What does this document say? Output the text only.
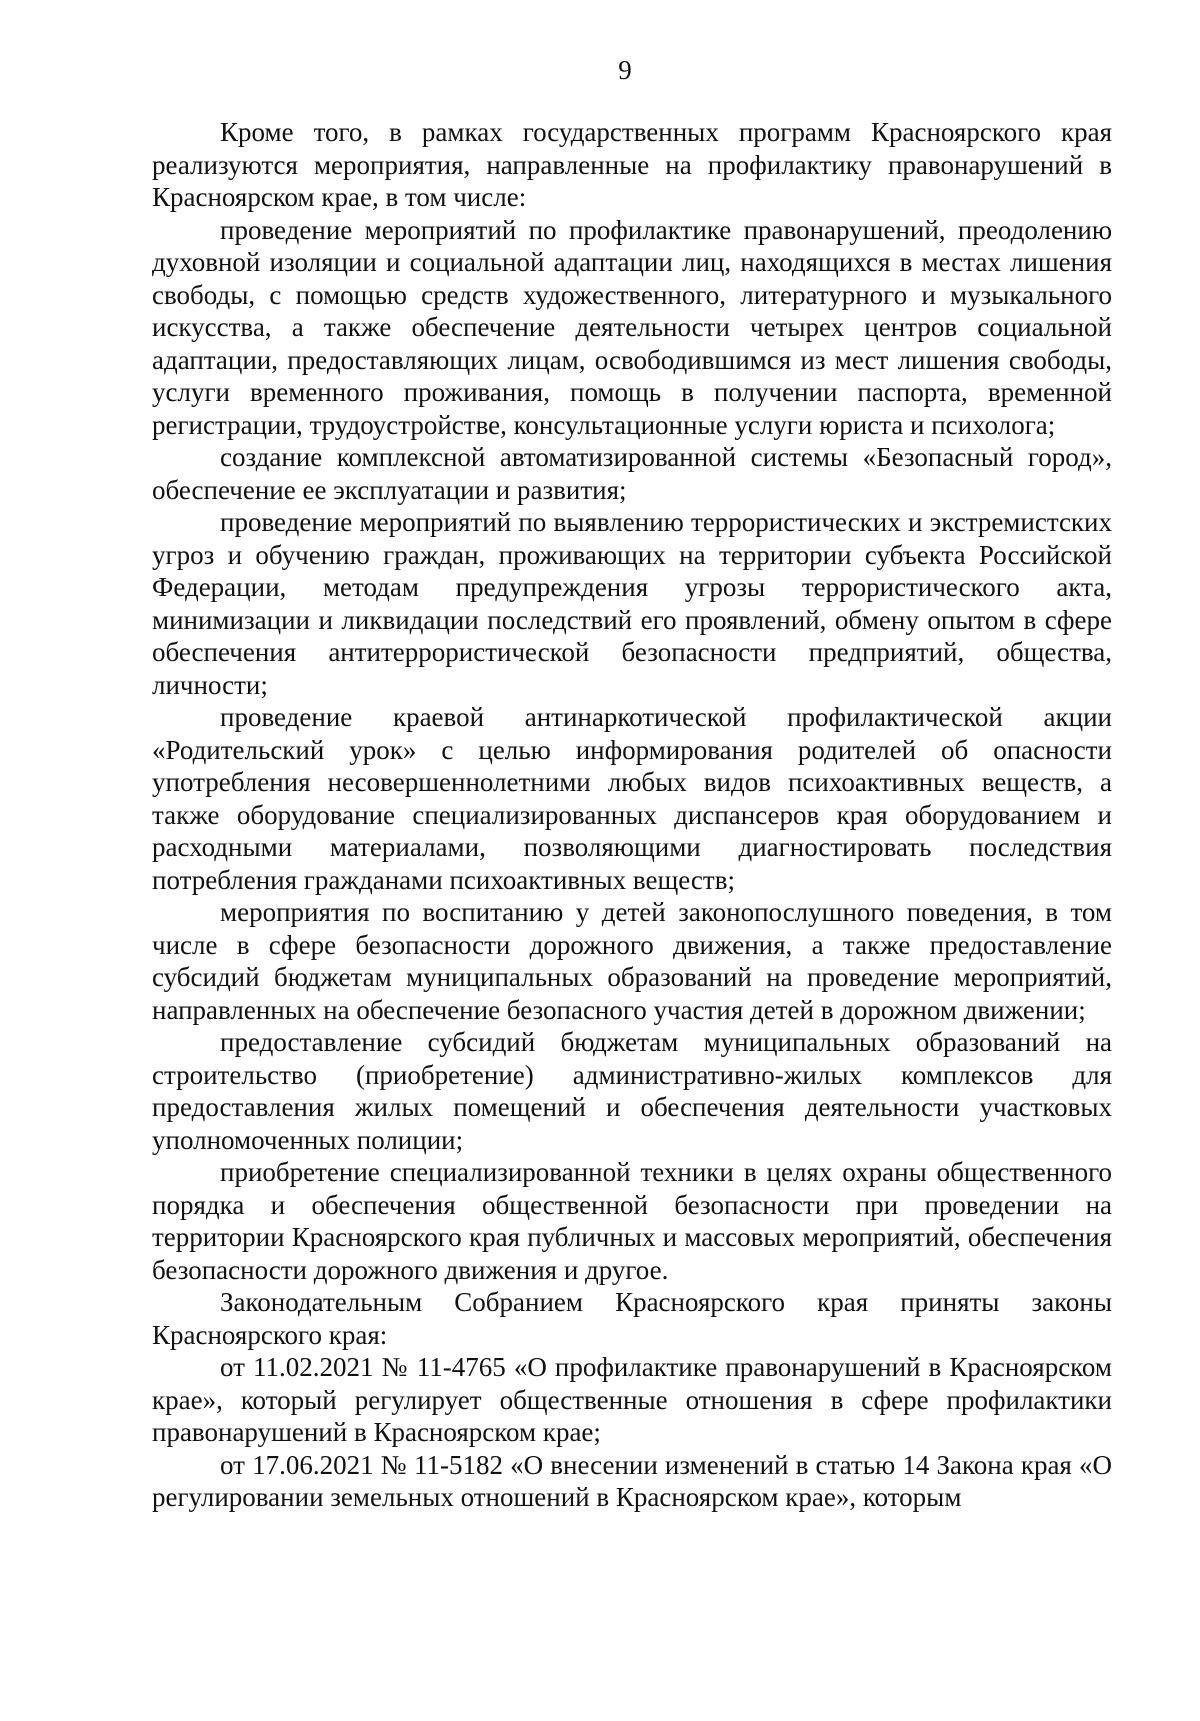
9

Кроме того, в рамках государственных программ Красноярского края реализуются мероприятия, направленные на профилактику правонарушений в Красноярском крае, в том числе:

проведение мероприятий по профилактике правонарушений, преодолению духовной изоляции и социальной адаптации лиц, находящихся в местах лишения свободы, с помощью средств художественного, литературного и музыкального искусства, а также обеспечение деятельности четырех центров социальной адаптации, предоставляющих лицам, освободившимся из мест лишения свободы, услуги временного проживания, помощь в получении паспорта, временной регистрации, трудоустройстве, консультационные услуги юриста и психолога;

создание комплексной автоматизированной системы «Безопасный город», обеспечение ее эксплуатации и развития;

проведение мероприятий по выявлению террористических и экстремистских угроз и обучению граждан, проживающих на территории субъекта Российской Федерации, методам предупреждения угрозы террористического акта, минимизации и ликвидации последствий его проявлений, обмену опытом в сфере обеспечения антитеррористической безопасности предприятий, общества, личности;

проведение краевой антинаркотической профилактической акции «Родительский урок» с целью информирования родителей об опасности употребления несовершеннолетними любых видов психоактивных веществ, а также оборудование специализированных диспансеров края оборудованием и расходными материалами, позволяющими диагностировать последствия потребления гражданами психоактивных веществ;

мероприятия по воспитанию у детей законопослушного поведения, в том числе в сфере безопасности дорожного движения, а также предоставление субсидий бюджетам муниципальных образований на проведение мероприятий, направленных на обеспечение безопасного участия детей в дорожном движении;

предоставление субсидий бюджетам муниципальных образований на строительство (приобретение) административно-жилых комплексов для предоставления жилых помещений и обеспечения деятельности участковых уполномоченных полиции;

приобретение специализированной техники в целях охраны общественного порядка и обеспечения общественной безопасности при проведении на территории Красноярского края публичных и массовых мероприятий, обеспечения безопасности дорожного движения и другое.

Законодательным Собранием Красноярского края приняты законы Красноярского края:

от 11.02.2021 № 11-4765 «О профилактике правонарушений в Красноярском крае», который регулирует общественные отношения в сфере профилактики правонарушений в Красноярском крае;

от 17.06.2021 № 11-5182 «О внесении изменений в статью 14 Закона края «О регулировании земельных отношений в Красноярском крае», которым
